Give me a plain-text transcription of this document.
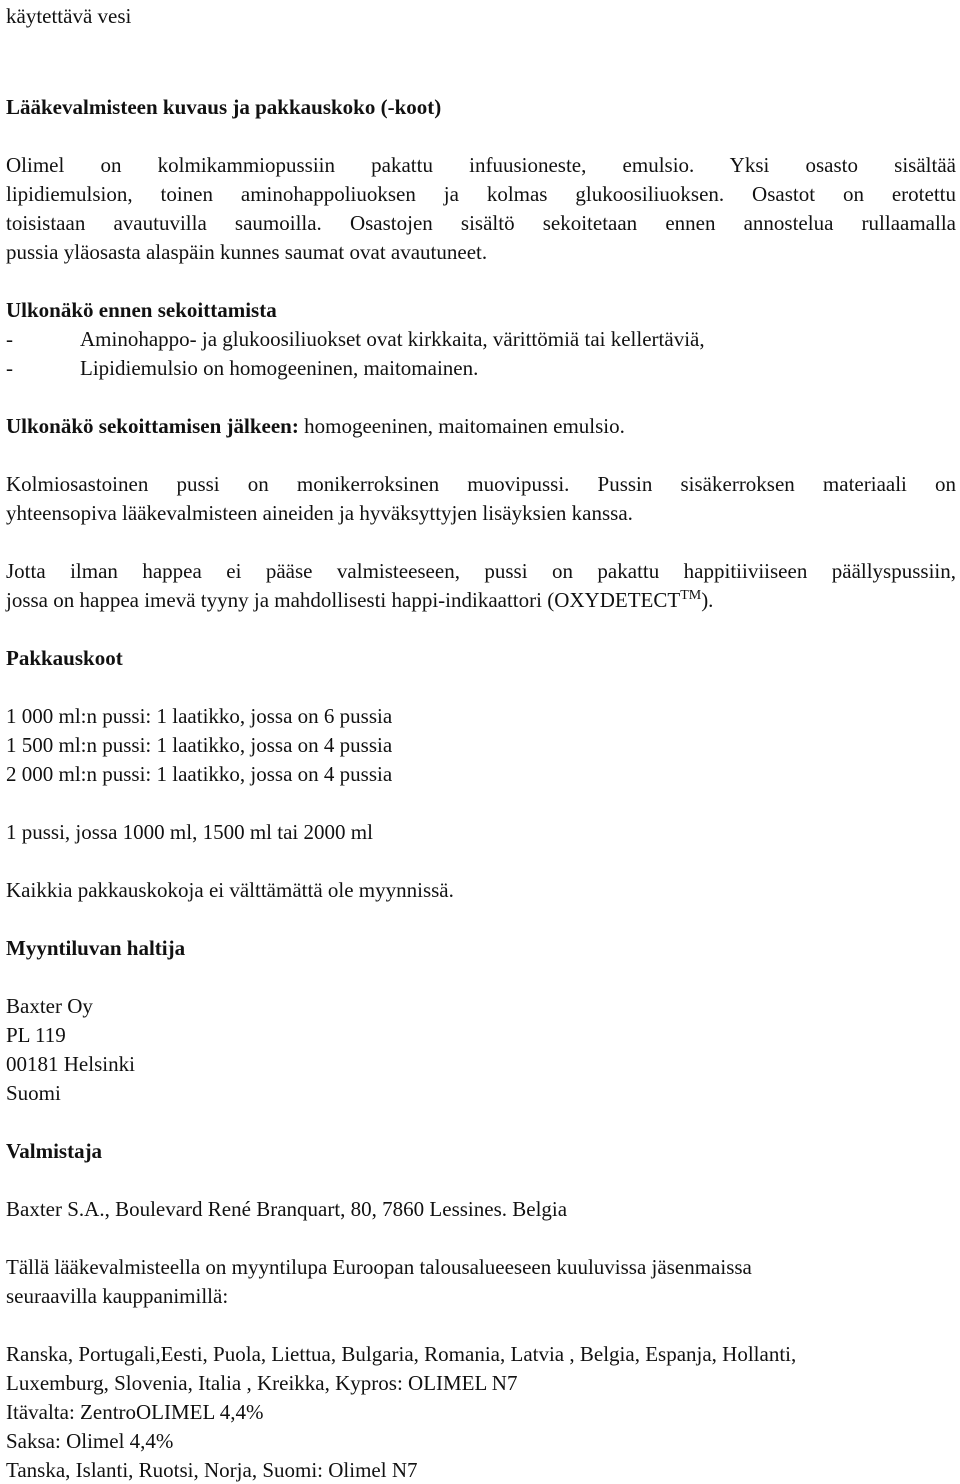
käytettävä vesi
Lääkevalmisteen kuvaus ja pakkauskoko (-koot)
Olimel on kolmikammiopussiin pakattu infuusioneste, emulsio. Yksi osasto sisältää
lipidiemulsion, toinen aminohappoliuoksen ja kolmas glukoosiliuoksen. Osastot on erotettu
toisistaan avautuvilla saumoilla. Osastojen sisältö sekoitetaan ennen annostelua rullaamalla
pussia yläosasta alaspäin kunnes saumat ovat avautuneet.
Ulkonäkö ennen sekoittamista
-	Aminohappo- ja glukoosiliuokset ovat kirkkaita, värittömiä tai kellertäviä,
-	Lipidiemulsio on homogeeninen, maitomainen.
Ulkonäkö sekoittamisen jälkeen: homogeeninen, maitomainen emulsio.
Kolmiosastoinen pussi on monikerroksinen muovipussi. Pussin sisäkerroksen materiaali on
yhteensopiva lääkevalmisteen aineiden ja hyväksyttyjen lisäyksien kanssa.
Jotta ilman happea ei pääse valmisteeseen, pussi on pakattu happitiiviiseen päällyspussiin,
jossa on happea imevä tyyny ja mahdollisesti happi-indikaattori (OXYDETECT™).
Pakkauskoot
1 000 ml:n pussi: 1 laatikko, jossa on 6 pussia
1 500 ml:n pussi: 1 laatikko, jossa on 4 pussia
2 000 ml:n pussi: 1 laatikko, jossa on 4 pussia
1 pussi, jossa 1000 ml, 1500 ml tai 2000 ml
Kaikkia pakkauskokoja ei välttämättä ole myynnissä.
Myyntiluvan haltija
Baxter Oy
PL 119
00181 Helsinki
Suomi
Valmistaja
Baxter S.A., Boulevard René Branquart, 80, 7860 Lessines. Belgia
Tällä lääkevalmisteella on myyntilupa Euroopan talousalueeseen kuuluvissa jäsenmaissa
seuraavilla kauppanimillä:
Ranska, Portugali,Eesti, Puola, Liettua, Bulgaria, Romania, Latvia , Belgia, Espanja, Hollanti,
Luxemburg, Slovenia, Italia , Kreikka, Kypros: OLIMEL N7
Itävalta: ZentroOLIMEL 4,4%
Saksa: Olimel 4,4%
Tanska, Islanti, Ruotsi, Norja, Suomi: Olimel N7
